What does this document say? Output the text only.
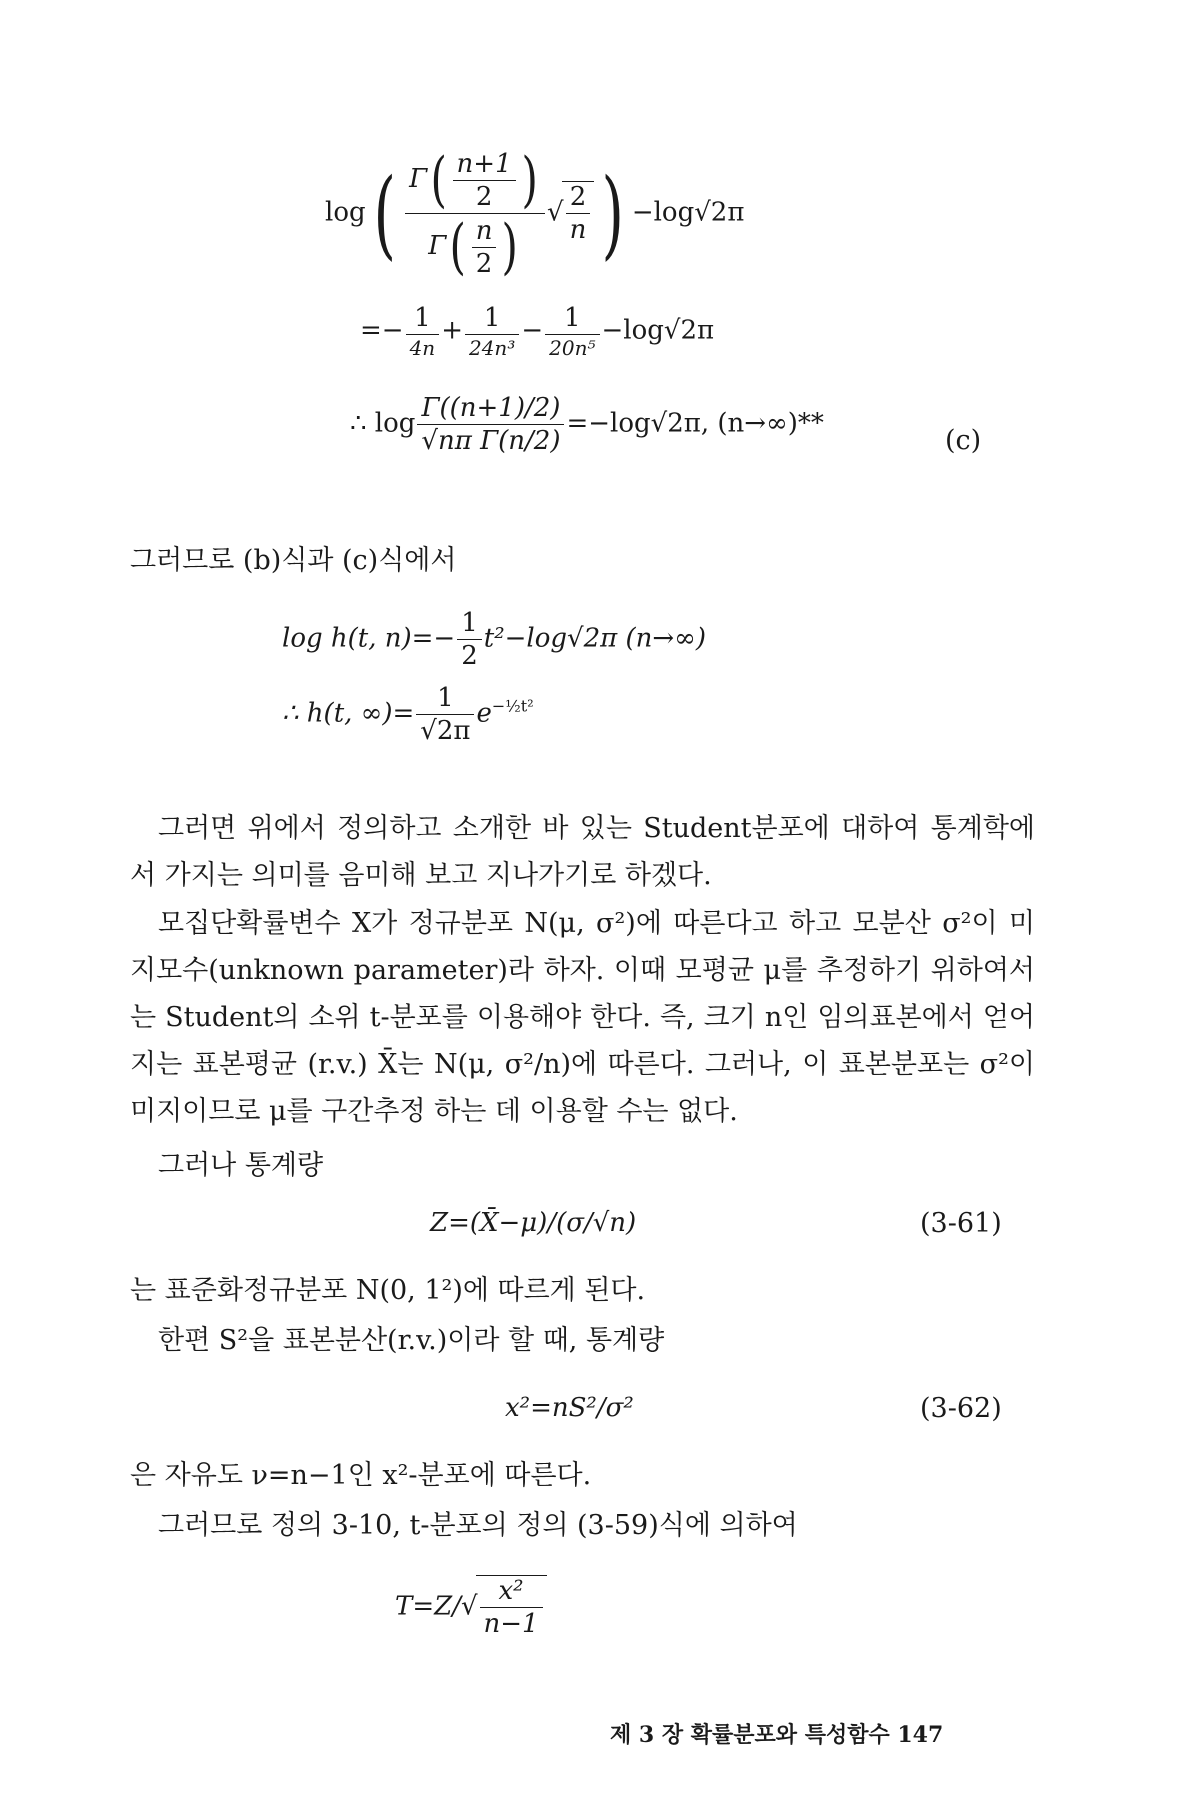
$\log( \frac{\Gamma( \frac{n+1}{2} )}{\Gamma( \frac{n}{2} )}$ √ $\frac{2}{n}$ ) −log√2π
=− $\frac{1}{4n} + \frac{1}{\text{24n³}} - \frac{1}{\text{20n⁵}} -\log√2\pi$
∴ $\log \frac{\Gamma((n+1)/2)}{\text{√nπ Γ(n/2)}} =-\log√2\pi$, (n→∞)**
(c)
그러므로 (b)식과 (c)식에서
log h(t, $n)=- \frac{1}{2} t^2-\log√2\pi$ (n→∞)
∴ h(t, ∞)= $\frac{1}{√2\pi} e^{-\frac{1}{2}t^2}$
그러면 위에서 정의하고 소개한 바 있는 Student분포에 대하여 통계학에서 가지는 의미를 음미해 보고 지나가기로 하겠다.
모집단확률변수 X가 정규분포 N(μ, σ²)에 따른다고 하고 모분산 σ²이 미지모수(unknown parameter)라 하자. 이때 모평균 μ를 추정하기 위하여서는 Student의 소위 t-분포를 이용해야 한다. 즉, 크기 n인 임의표본에서 얻어지는 표본평균 (r.v.) X̄는 N(μ, σ²/n)에 따른다. 그러나, 이 표본분포는 σ²이 미지이므로 μ를 구간추정 하는 데 이용할 수는 없다.
그러나 통계량
Z=(X̄−μ)/(σ/√n)	(3-61)
는 표준화정규분포 N(0, 1²)에 따르게 된다.
한편 S²을 표본분산(r.v.)이라 할 때, 통계량
x²=nS²/σ²	(3-62)
은 자유도 ν=n−1인 x²-분포에 따른다.
그러므로 정의 3-10, t-분포의 정의 (3-59)식에 의하여
$T=Z/√ \frac{\text{x²}}{n-1}$
제 3 장 확률분포와 특성함수 147
